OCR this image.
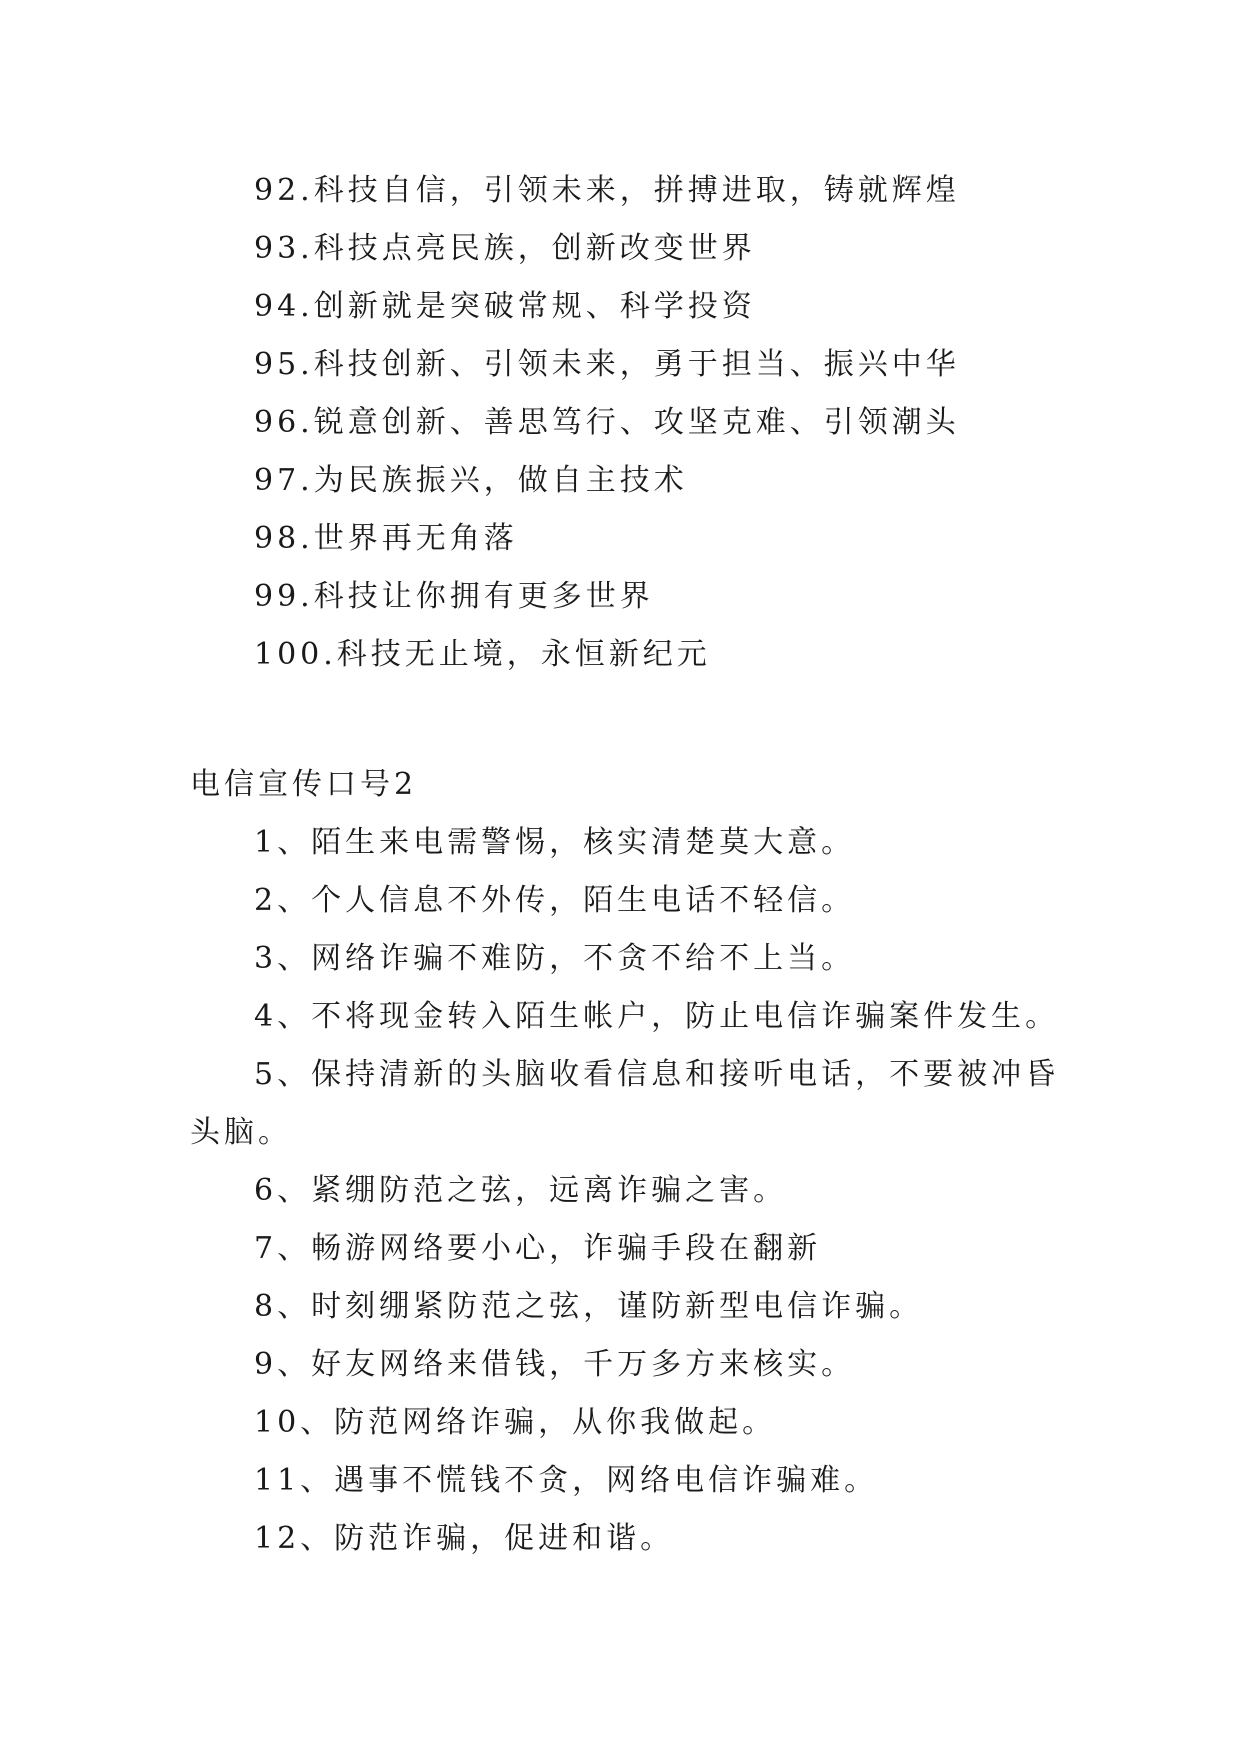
92.科技自信，引领未来，拼搏进取，铸就辉煌
93.科技点亮民族，创新改变世界
94.创新就是突破常规、科学投资
95.科技创新、引领未来，勇于担当、振兴中华
96.锐意创新、善思笃行、攻坚克难、引领潮头
97.为民族振兴，做自主技术
98.世界再无角落
99.科技让你拥有更多世界
100.科技无止境，永恒新纪元
电信宣传口号2
1、陌生来电需警惕，核实清楚莫大意。
2、个人信息不外传，陌生电话不轻信。
3、网络诈骗不难防，不贪不给不上当。
4、不将现金转入陌生帐户，防止电信诈骗案件发生。
5、保持清新的头脑收看信息和接听电话，不要被冲昏
头脑。
6、紧绷防范之弦，远离诈骗之害。
7、畅游网络要小心，诈骗手段在翻新
8、时刻绷紧防范之弦，谨防新型电信诈骗。
9、好友网络来借钱，千万多方来核实。
10、防范网络诈骗，从你我做起。
11、遇事不慌钱不贪，网络电信诈骗难。
12、防范诈骗，促进和谐。
